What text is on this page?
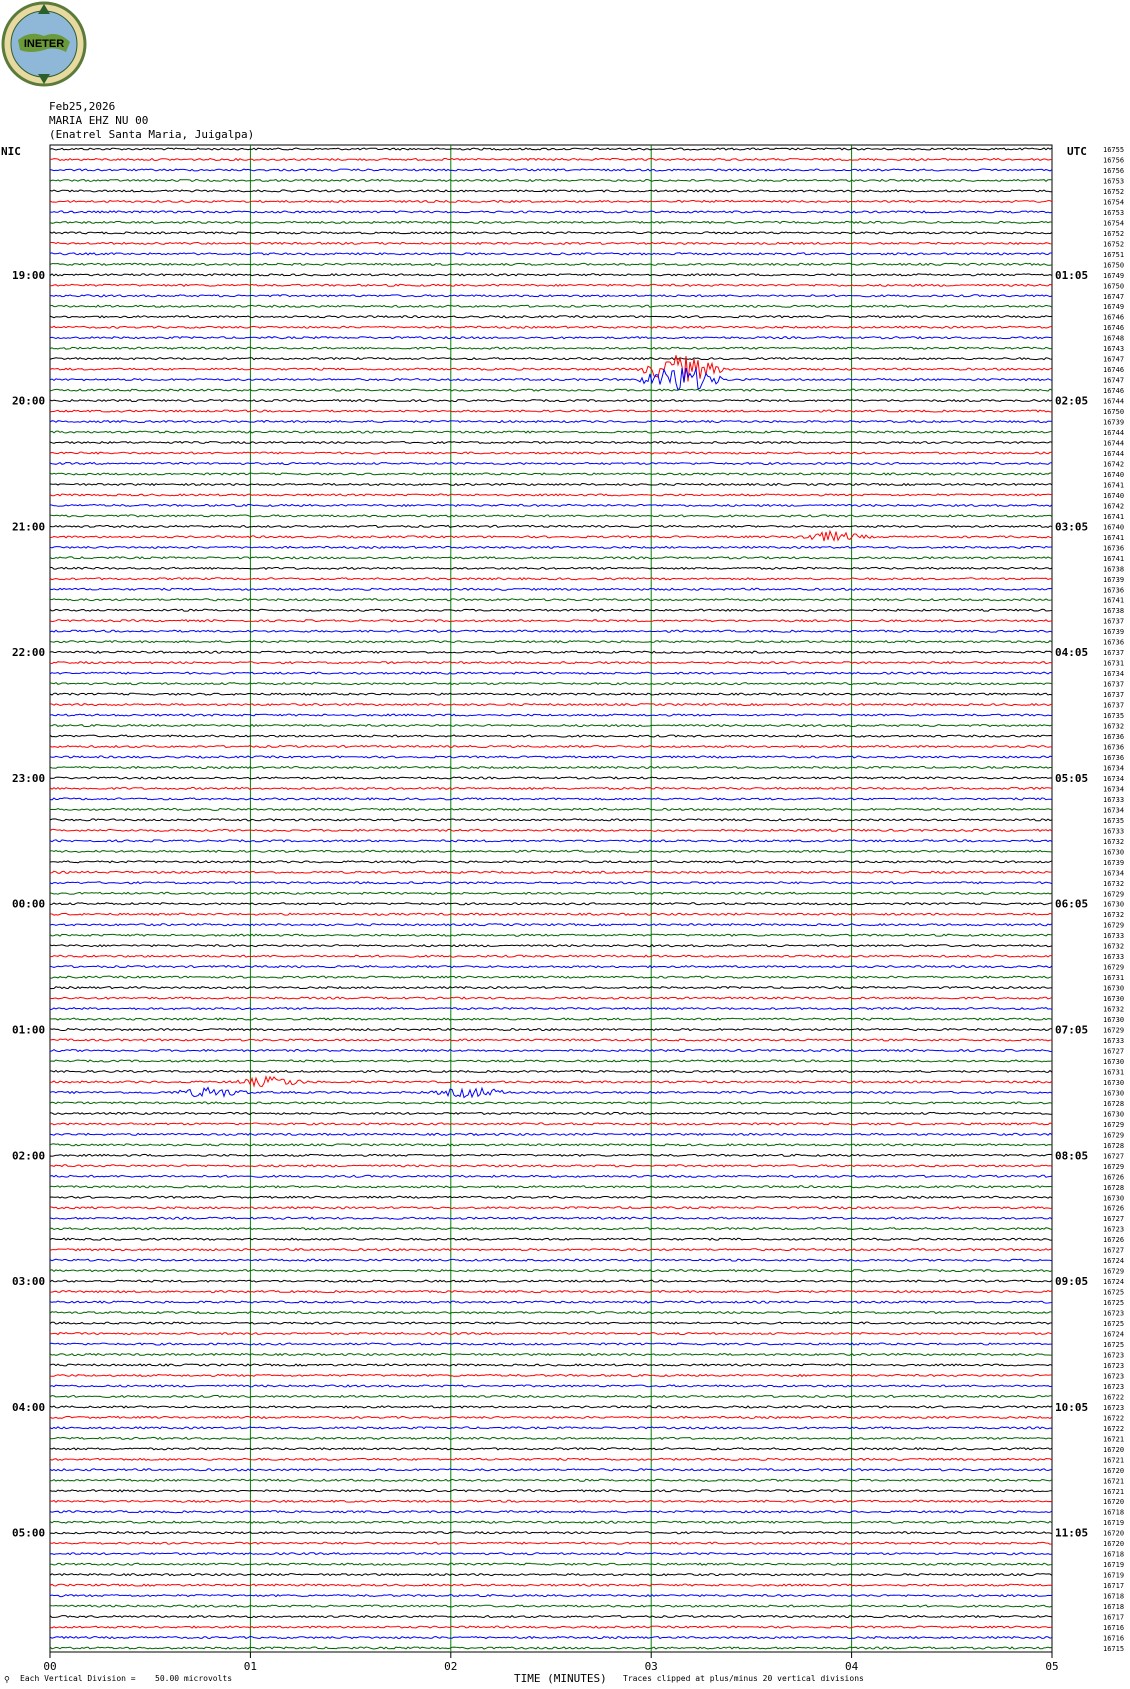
INETER
Feb25,2026
MARIA EHZ NU 00
(Enatrel Santa Maria, Juigalpa)
NIC	UTC 16755
16756
16756
16753
16752
16754
16753
16754
16752
16752
16751
16750
16749
16750
16747
16749
16746
16746
16748
16743
16747
16746
16747
16746
16744
16750
16739
16744
16744
16744
16742
16740
16741
16740
16742
16741
16740
16741
16736
16741
16738
16739
16736
16741
16738
16737
16739
16736
16737
16731
16734
16737
16737
16737
16735
16732
16736
16736
16736
16734
16734
16734
16733
16734
16735
16733
16732
16730
16739
16734
16732
16729
16730
16732
16729
16733
16732
16733
16729
16731
16730
16730
16732
16730
16729
16733
16727
16730
16731
16730
16730
16728
16730
16729
16729
16728
16727
16729
16726
16728
16730
16726
16727
16723
16726
16727
16724
16729
16724
16725
16725
16723
16725
16724
16725
16723
16723
16723
16723
16722
16723
16722
16722
16721
16720
16721
16720
16721
16721
16720
16718
16719
16720
16720
16718
16719
16719
16717
16718
16718
16717
16716
16716
16715
19:00	01:05
20:00	02:05
21:00	03:05
22:00	04:05
23:00	05:05
00:00	06:05
01:00	07:05
02:00	08:05
03:00	09:05
04:00	10:05
05:00	11:05
00	01	02	03	04	05
⚲ Each Vertical Division = 50.00 microvolts	TIME (MINUTES) Traces clipped at plus/minus 20 vertical divisions
